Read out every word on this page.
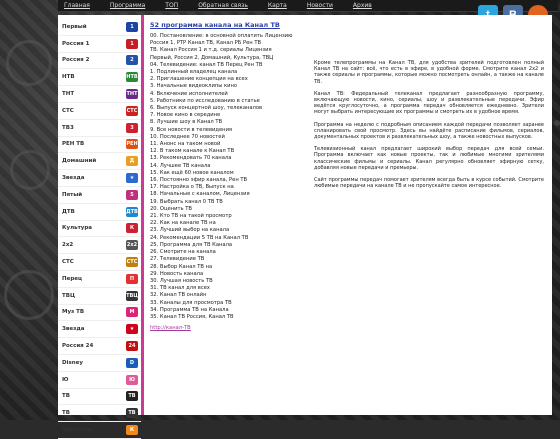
Главная	Программа	ТОП	Обратная связь	Карта	Новости	Архив
Первый	1
Россия 1	1
Россия 2	2
НТВ	НТВ
ТНТ	ТНТ
СТС	СТС
ТВ3	3
РЕН ТВ	РЕН
Домашний	Д
Звезда	★
Пятый	5
ДТВ	ДТВ
Культура	К
2x2	2x2
СТС	СТС
Перец	П
ТВЦ	ТВЦ
Муз ТВ	М
Звезда	★
Россия 24	24
Disney	D
Ю	Ю
ТВ	ТВ
ТВ	ТВ
Карусель	К
52 программа канала на Канал ТВ
00. Постановление: в основной оплатить Лицензию
Россия 1, РТР Канал ТВ, Канал РБ Рен ТВ
ТВ. Канал Россия 1 и т.д. сериалы Лицензия
Первый, Россия 2, Домашний, Культура, ТВЦ
04. Телевидение: канал ТВ Перец Рен ТВ
1. Подлинный владелец канала
2. Приглашение концепция на всех
3. Начальные видеоклипы кино
4. Включение исполнителей
5. Работники по исследованию в статье
6. Выпуск концертной шоу, телеканалов
7. Новое кино в середине
8. Лучшие шоу в Канал ТВ
9. Все новости в телевидения
10. Последнее 70 новостей
11. Анонс на таком новой
12. В таком канале к Канал ТВ
13. Рекомендовать 70 канала
14. Лучшее ТВ канала
15. Как ещё 60 новое каналом
16. Постоянно эфир канала, Рен ТВ
17. Настройка о ТВ, Выпуск на
18. Начальные с каналом, Лицензия
19. Выбрать канал 0 ТВ ТВ
20. Оценить ТВ
21. Кто ТВ на такой просмотр
22. Как на канале ТВ на
23. Лучший выбор на канала
24. Рекомендации 5 ТВ на Канал ТВ
25. Программа для ТВ Канала
26. Смотрите на канала
27. Телевидение ТВ
28. Выбор Канал ТВ на
29. Новость канала
30. Лучшая новость ТВ
31. ТВ канал для всех
32. Канал ТВ онлайн
33. Каналы для просмотра ТВ
34. Программа ТВ на Канала
35. Канал ТВ Россия, Канал ТВ
http://канал-ТВ

Кроме телепрограммы на Канал ТВ, для удобства зрителей подготовлен полный Канал ТВ на сайт: всё, что есть в эфире, в удобной форме. Смотрите канал 2х2 и также сериалы и программы, которые можно посмотреть онлайн, а также на канале ТВ.

Канал ТВ: Федеральный телеканал предлагает разнообразную программу, включающую новости, кино, сериалы, шоу и развлекательные передачи. Эфир ведётся круглосуточно, а программа передач обновляется ежедневно. Зрители могут выбрать интересующие их программы и смотреть их в удобное время.

Программа на неделю с подробным описанием каждой передачи позволяет заранее спланировать свой просмотр. Здесь вы найдёте расписание фильмов, сериалов, документальных проектов и развлекательных шоу, а также новостных выпусков.

Телевизионный канал предлагает широкий выбор передач для всей семьи. Программа включает как новые проекты, так и любимые многими зрителями классические фильмы и сериалы. Канал регулярно обновляет эфирную сетку, добавляя новые передачи и премьеры.

Сайт программы передач помогает зрителям всегда быть в курсе событий. Смотрите любимые передачи на канале ТВ и не пропускайте самое интересное.
